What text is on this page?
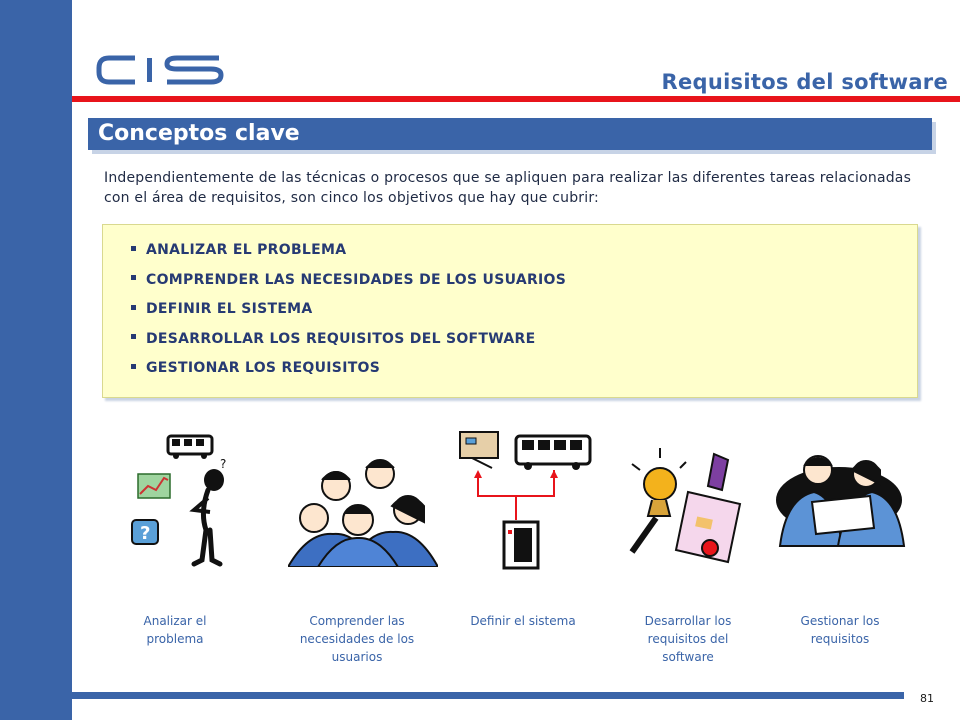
Requisitos del software
Conceptos clave
Independientemente de las técnicas o procesos que se apliquen para realizar las diferentes tareas relacionadas con el área de requisitos, son cinco los objetivos que hay que cubrir:
ANALIZAR EL PROBLEMA
COMPRENDER LAS NECESIDADES DE LOS USUARIOS
DEFINIR EL SISTEMA
DESARROLLAR LOS REQUISITOS DEL SOFTWARE
GESTIONAR LOS REQUISITOS
?
?
Analizar el problema
Comprender las necesidades de los usuarios
Definir el sistema	Desarrollar los requisitos del software
Gestionar los requisitos
81
